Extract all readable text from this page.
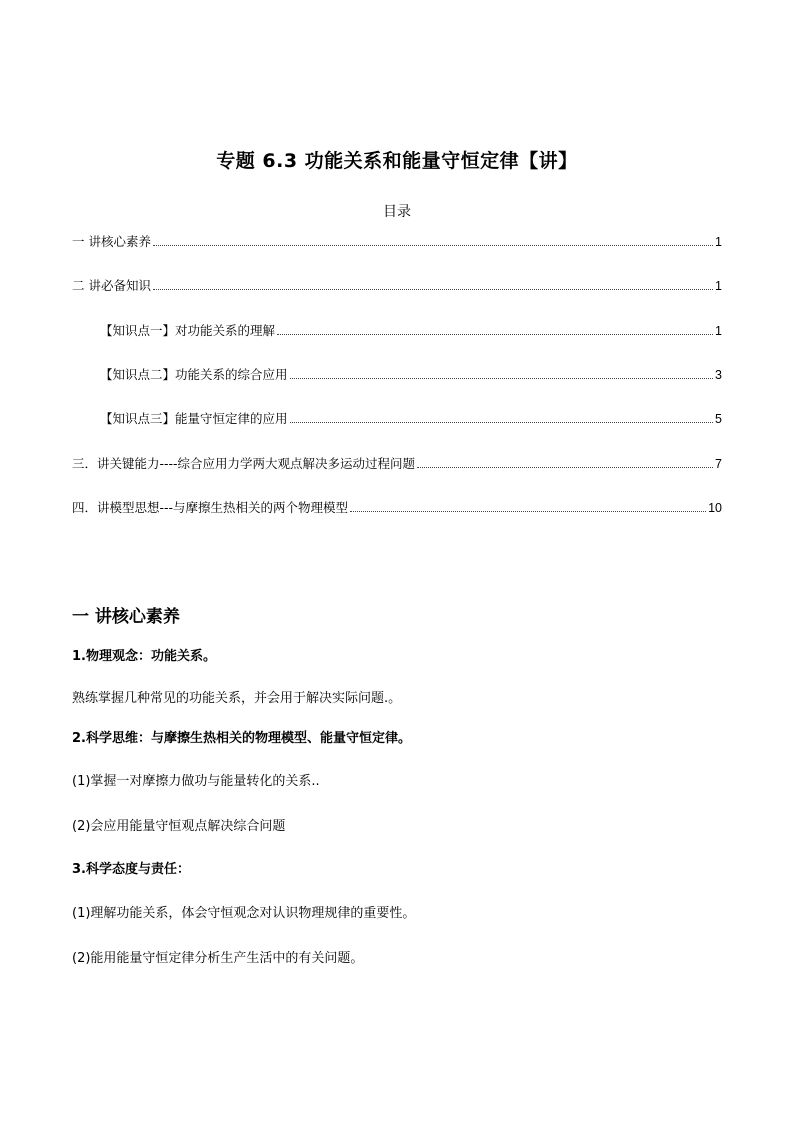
专题 6.3 功能关系和能量守恒定律【讲】
目录
一 讲核心素养	1
二 讲必备知识	1
【知识点一】对功能关系的理解	1
【知识点二】功能关系的综合应用	3
【知识点三】能量守恒定律的应用	5
三．讲关键能力----综合应用力学两大观点解决多运动过程问题	7
四．讲模型思想---与摩擦生热相关的两个物理模型	10
一 讲核心素养
1.物理观念：功能关系。
熟练掌握几种常见的功能关系，并会用于解决实际问题.。
2.科学思维：与摩擦生热相关的物理模型、能量守恒定律。
(1)掌握一对摩擦力做功与能量转化的关系..
(2)会应用能量守恒观点解决综合问题
3.科学态度与责任：
(1)理解功能关系，体会守恒观念对认识物理规律的重要性。
(2)能用能量守恒定律分析生产生活中的有关问题。
